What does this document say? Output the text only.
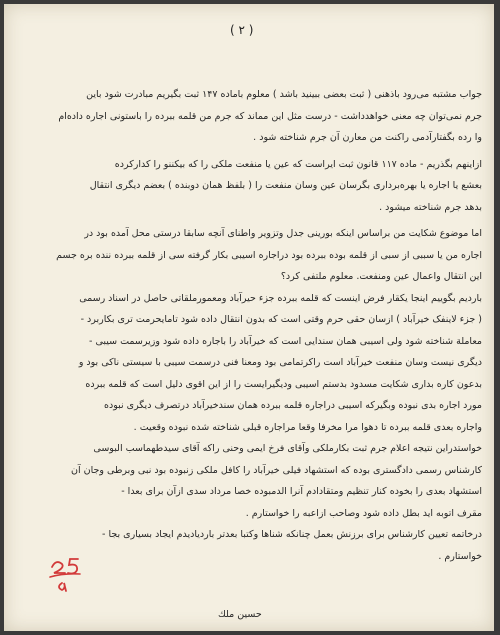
( ۲ )
جواب مشتبه می‌رود باذهنی ( ثبت بعضی ببینید باشد ) معلوم باماده ۱۴۷ ثبت بگیریم مبادرت شود باین
جرم نمی‌توان چه معنی خواهدداشت - درست مثل این مماند که جرم من قلمه ببرده را باستونی اجاره داده‌ام
وا رده بگفتارآدمی راکنت من معارن آن جرم شناخته شود .
ازاینهم بگذریم - ماده ۱۱۷ قانون ثبت ایراست که عین یا منفعت ملکی را که بیکننو را کدارکرده
بعشع یا اجاره یا بهره‌برداری بگرسان عین وسان منفعت را ( بلفظ همان دوبنده ) بعضم دیگری انتقال
بدهد جرم شناخته میشود .
اما موضوع شکایت من براساس اینکه بورینی جدل وتزویر واطنای آنچه سابقا درستی محل آمده بود در
اجاره من یا سببی از سبی از قلمه بوده ببرده بود دراجاره اسیبی بکار گرفته سی از قلمه ببرده ننده بره جسم
این انتقال واعمال عین ومنفعت. معلوم ملتفی کرد؟
باردیم بگوییم اینجا یکقار فرض اینست که قلمه ببرده جزء حیرآباد ومعمورملقاتی حاصل در اسناد رسمی
( جزء لاینفک خیرآباد ) ازسان حقی حرم وقتی است که بدون انتقال داده شود تامایحرمت تری بکاربرد -
معاملة شناخته شود ولی اسیبی همان سندایی است که خیرآباد را باجاره داده شود وزیرسمت سیبی -
دیگری نیست وسان منفعت خیرآباد است راکرتمامی بود ومعنا فنی درسمت سیبی با سیستی ناکی بود و
بدعون کاره بداری شکایت مسدود بدستم اسیبی ودیگیرایست را از این اقوی دلیل است که قلمه ببرده
مورد اجاره بدی نبوده وبگیرکه اسیبی دراجاره قلمه ببرده همان سندخیرآباد درتصرف دیگری نبوده
واجاره بعدی قلمه ببرده تا دهوا مرا مخرفا وقعا مراجاره قبلی شناخته شده نبوده وقعیت .
خواستدراین نتیجه اعلام جرم ثبت بکارملکی وآقای فرخ ایمی وحنی راکه آقای سیدطهماسب البوسی
کارشناس رسمی دادگستری بوده که استشهاد فیلی خیرآباد را کافل ملکی زنبوده بود نبی وبرطی وجان آن
استشهاد بعدی را بخوده کنار تنظیم ومتقادادم آنرا الدمبوده خصا مرداد سدی ازآن براى بعدا -
مقرف اتوبه اید بطل داده شود وصاحب ازاعبه را خواستارم .
درخاتمه تعیین کارشناس برای برزنش بعمل چنانکه شناها وکتبا بعدتر باردیادیدم ایجاد بسیاری بجا -
خواستارم .
حسین ملك
